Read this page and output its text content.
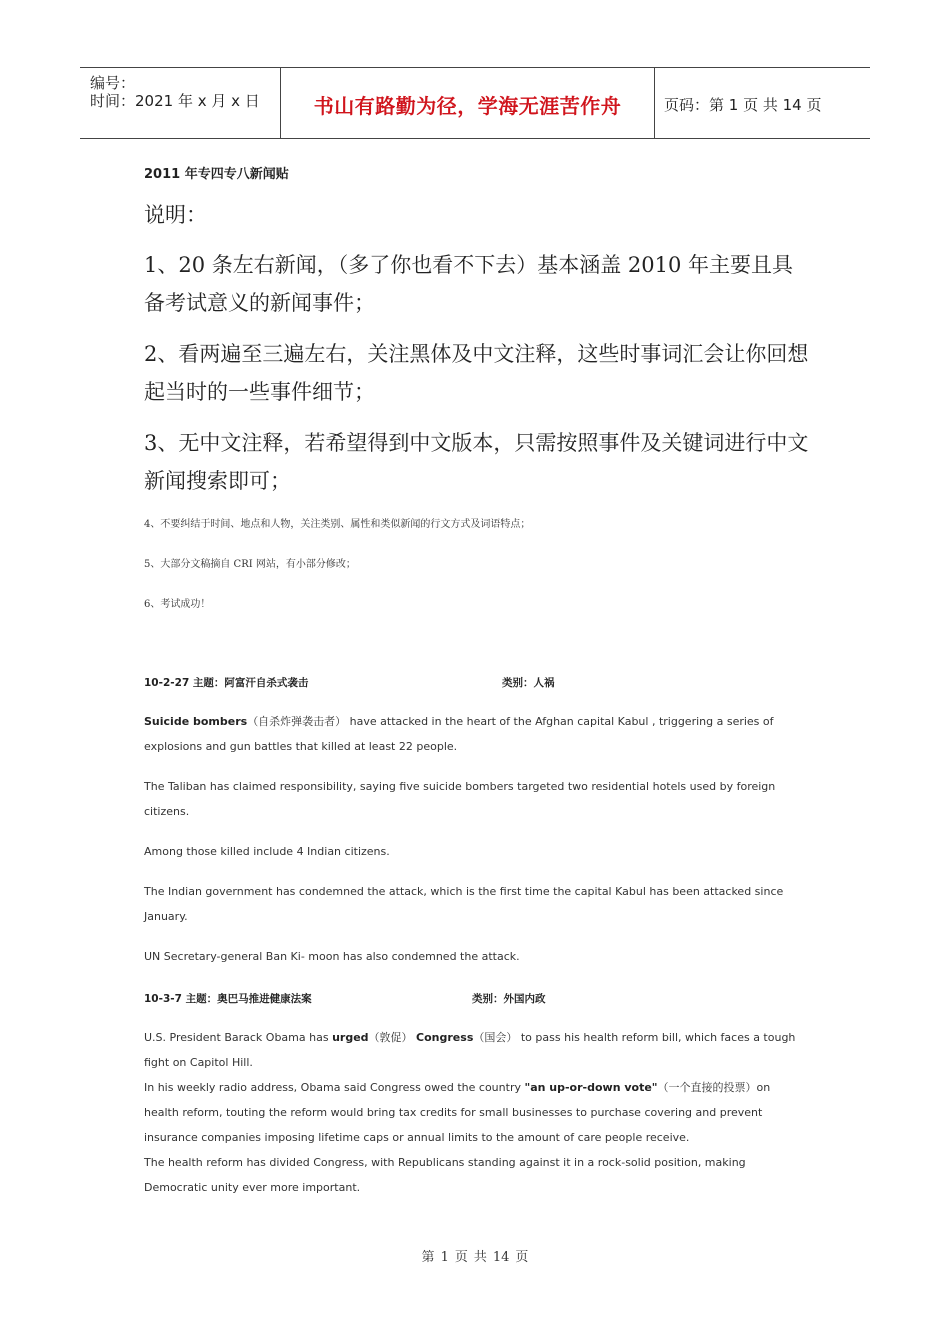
编号：
时间：2021 年 x 月 x 日	书山有路勤为径，学海无涯苦作舟	页码：第 1 页 共 14 页
2011 年专四专八新闻贴
说明：
1、20 条左右新闻，（多了你也看不下去）基本涵盖 2010 年主要且具备考试意义的新闻事件；
2、看两遍至三遍左右，关注黑体及中文注释，这些时事词汇会让你回想起当时的一些事件细节；
3、无中文注释，若希望得到中文版本，只需按照事件及关键词进行中文新闻搜索即可；
4、不要纠结于时间、地点和人物，关注类别、属性和类似新闻的行文方式及词语特点；
5、大部分文稿摘自 CRI 网站，有小部分修改；
6、考试成功！
10-2-27 主题：阿富汗自杀式袭击	类别：人祸
Suicide bombers（自杀炸弹袭击者） have attacked in the heart of the Afghan capital Kabul , triggering a series of explosions and gun battles that killed at least 22 people.
The Taliban has claimed responsibility, saying five suicide bombers targeted two residential hotels used by foreign citizens.
Among those killed include 4 Indian citizens.
The Indian government has condemned the attack, which is the first time the capital Kabul has been attacked since January.
UN Secretary-general Ban Ki- moon has also condemned the attack.
10-3-7 主题：奥巴马推进健康法案	类别：外国内政
U.S. President Barack Obama has urged（敦促） Congress（国会） to pass his health reform bill, which faces a tough fight on Capitol Hill.
In his weekly radio address, Obama said Congress owed the country "an up-or-down vote"（一个直接的投票）on health reform, touting the reform would bring tax credits for small businesses to purchase covering and prevent insurance companies imposing lifetime caps or annual limits to the amount of care people receive.
The health reform has divided Congress, with Republicans standing against it in a rock-solid position, making Democratic unity ever more important.
第 1 页 共 14 页
